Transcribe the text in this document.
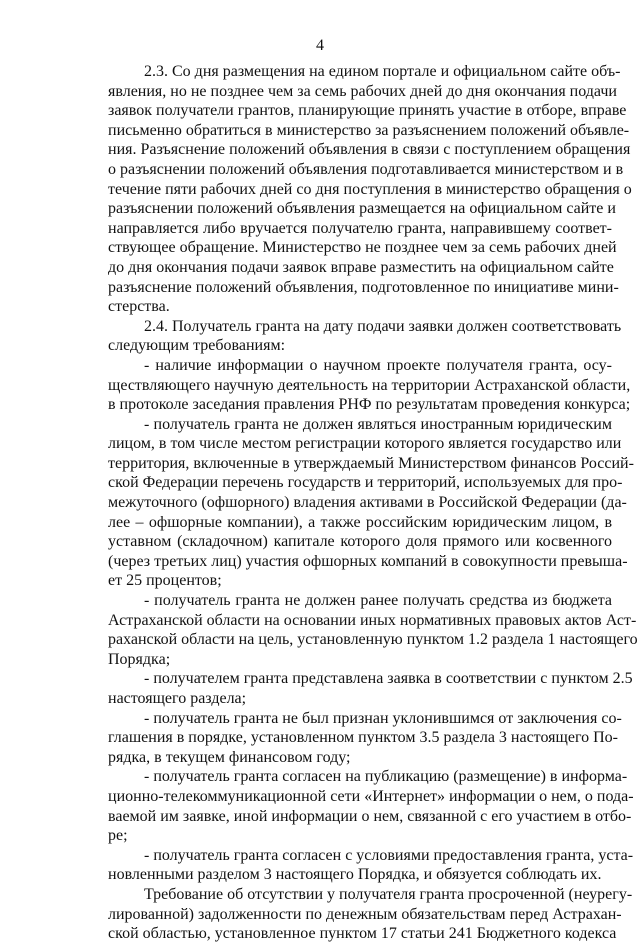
4
2.3. Со дня размещения на едином портале и официальном сайте объ-
явления, но не позднее чем за семь рабочих дней до дня окончания подачи
заявок получатели грантов, планирующие принять участие в отборе, вправе
письменно обратиться в министерство за разъяснением положений объявле-
ния. Разъяснение положений объявления в связи с поступлением обращения
о разъяснении положений объявления подготавливается министерством и в
течение пяти рабочих дней со дня поступления в министерство обращения о
разъяснении положений объявления размещается на официальном сайте и
направляется либо вручается получателю гранта, направившему соответ-
ствующее обращение. Министерство не позднее чем за семь рабочих дней
до дня окончания подачи заявок вправе разместить на официальном сайте
разъяснение положений объявления, подготовленное по инициативе мини-
стерства.
2.4. Получатель гранта на дату подачи заявки должен соответствовать
следующим требованиям:
- наличие информации о научном проекте получателя гранта, осу-
ществляющего научную деятельность на территории Астраханской области,
в протоколе заседания правления РНФ по результатам проведения конкурса;
- получатель гранта не должен являться иностранным юридическим
лицом, в том числе местом регистрации которого является государство или
территория, включенные в утверждаемый Министерством финансов Россий-
ской Федерации перечень государств и территорий, используемых для про-
межуточного (офшорного) владения активами в Российской Федерации (да-
лее – офшорные компании), а также российским юридическим лицом, в
уставном (складочном) капитале которого доля прямого или косвенного
(через третьих лиц) участия офшорных компаний в совокупности превыша-
ет 25 процентов;
- получатель гранта не должен ранее получать средства из бюджета
Астраханской области на основании иных нормативных правовых актов Аст-
раханской области на цель, установленную пунктом 1.2 раздела 1 настоящего
Порядка;
- получателем гранта представлена заявка в соответствии с пунктом 2.5
настоящего раздела;
- получатель гранта не был признан уклонившимся от заключения со-
глашения в порядке, установленном пунктом 3.5 раздела 3 настоящего По-
рядка, в текущем финансовом году;
- получатель гранта согласен на публикацию (размещение) в информа-
ционно-телекоммуникационной сети «Интернет» информации о нем, о пода-
ваемой им заявке, иной информации о нем, связанной с его участием в отбо-
ре;
- получатель гранта согласен с условиями предоставления гранта, уста-
новленными разделом 3 настоящего Порядка, и обязуется соблюдать их.
Требование об отсутствии у получателя гранта просроченной (неурегу-
лированной) задолженности по денежным обязательствам перед Астрахан-
ской областью, установленное пунктом 17 статьи 241 Бюджетного кодекса
